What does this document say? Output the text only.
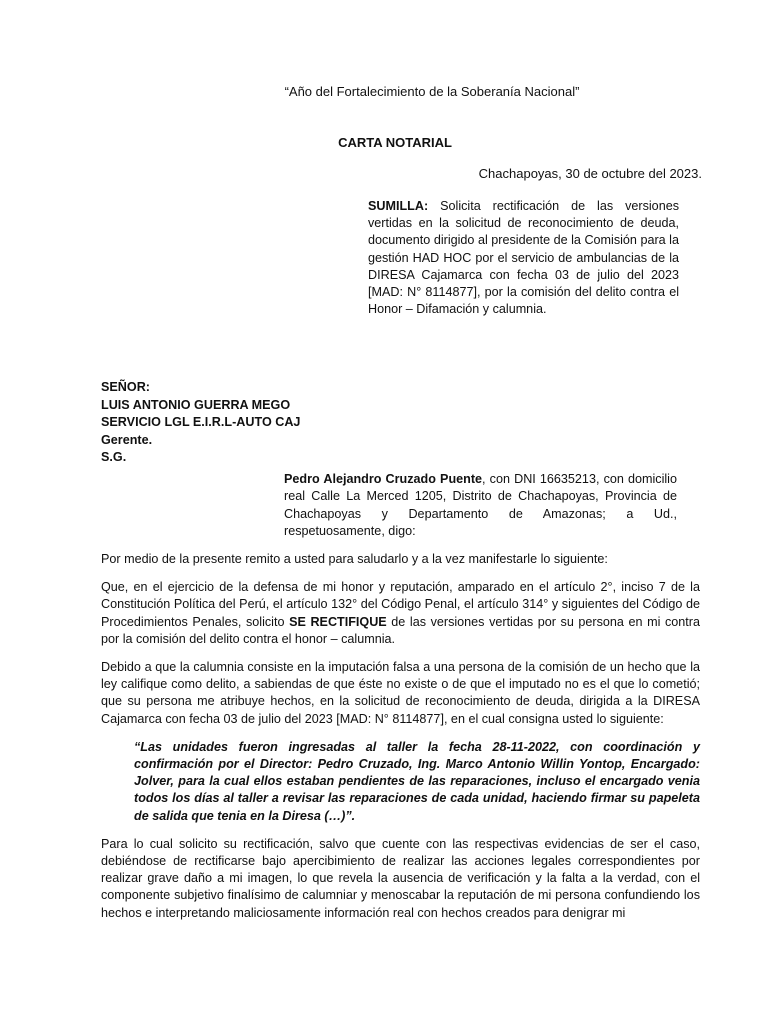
“Año del Fortalecimiento de la Soberanía Nacional”
CARTA NOTARIAL
Chachapoyas, 30 de octubre del 2023.
SUMILLA: Solicita rectificación de las versiones vertidas en la solicitud de reconocimiento de deuda, documento dirigido al presidente de la Comisión para la gestión HAD HOC por el servicio de ambulancias de la DIRESA Cajamarca con fecha 03 de julio del 2023 [MAD: N° 8114877], por la comisión del delito contra el Honor – Difamación y calumnia.
SEÑOR:
LUIS ANTONIO GUERRA MEGO
SERVICIO LGL E.I.R.L-AUTO CAJ
Gerente.
S.G.
Pedro Alejandro Cruzado Puente, con DNI 16635213, con domicilio real Calle La Merced 1205, Distrito de Chachapoyas, Provincia de Chachapoyas y Departamento de Amazonas; a Ud., respetuosamente, digo:

Por medio de la presente remito a usted para saludarlo y a la vez manifestarle lo siguiente:

Que, en el ejercicio de la defensa de mi honor y reputación, amparado en el artículo 2°, inciso 7 de la Constitución Política del Perú, el artículo 132° del Código Penal, el artículo 314° y siguientes del Código de Procedimientos Penales, solicito SE RECTIFIQUE de las versiones vertidas por su persona en mi contra por la comisión del delito contra el honor – calumnia.

Debido a que la calumnia consiste en la imputación falsa a una persona de la comisión de un hecho que la ley califique como delito, a sabiendas de que éste no existe o de que el imputado no es el que lo cometió; que su persona me atribuye hechos, en la solicitud de reconocimiento de deuda, dirigida a la DIRESA Cajamarca con fecha 03 de julio del 2023 [MAD: N° 8114877], en el cual consigna usted lo siguiente:

“Las unidades fueron ingresadas al taller la fecha 28-11-2022, con coordinación y confirmación por el Director: Pedro Cruzado, Ing. Marco Antonio Willin Yontop, Encargado: Jolver, para la cual ellos estaban pendientes de las reparaciones, incluso el encargado venia todos los días al taller a revisar las reparaciones de cada unidad, haciendo firmar su papeleta de salida que tenia en la Diresa (…)”.

Para lo cual solicito su rectificación, salvo que cuente con las respectivas evidencias de ser el caso, debiéndose de rectificarse bajo apercibimiento de realizar las acciones legales correspondientes por realizar grave daño a mi imagen, lo que revela la ausencia de verificación y la falta a la verdad, con el componente subjetivo finalísimo de calumniar y menoscabar la reputación de mi persona confundiendo los hechos e interpretando maliciosamente información real con hechos creados para denigrar mi
